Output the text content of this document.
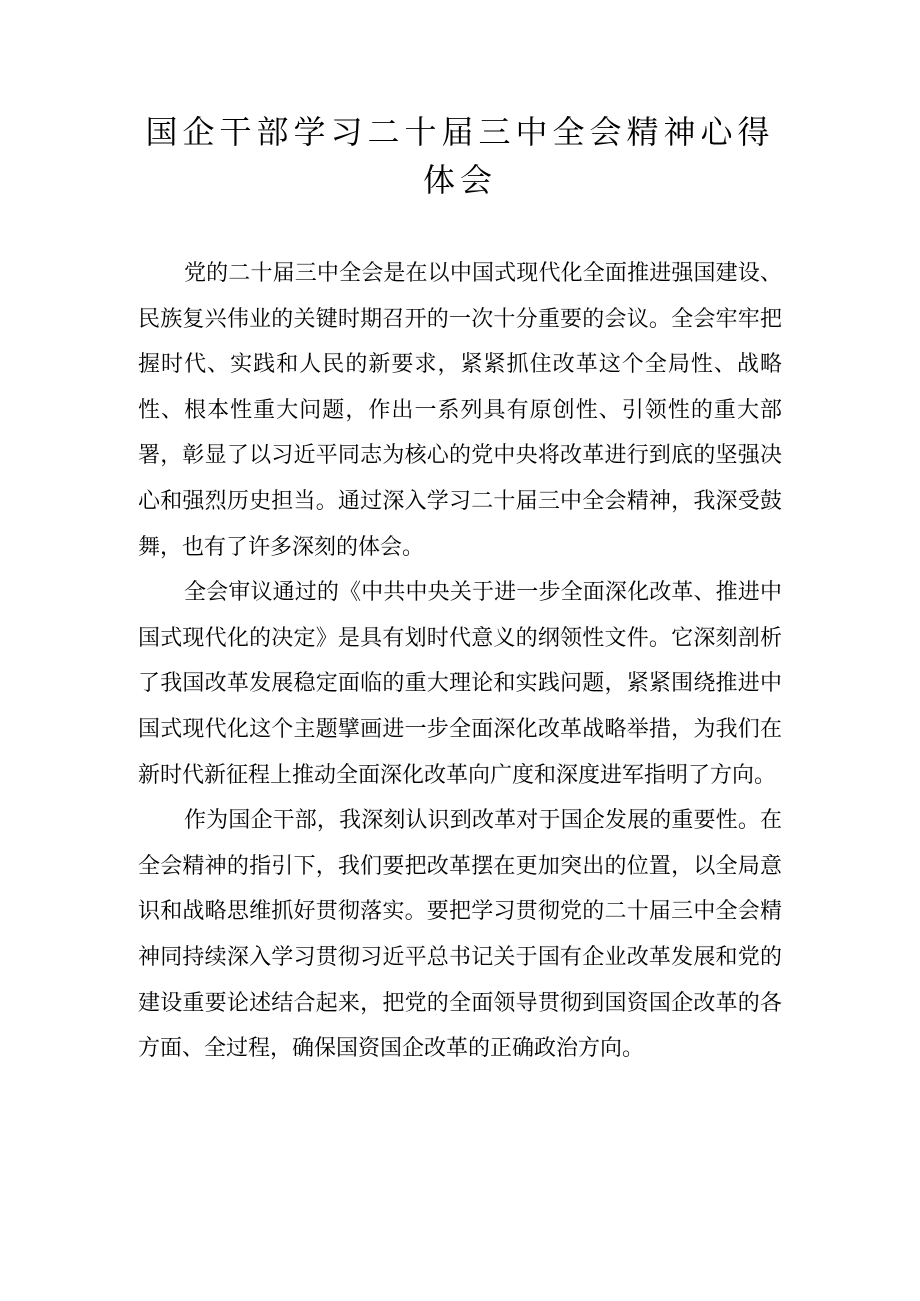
国企干部学习二十届三中全会精神心得体会

党的二十届三中全会是在以中国式现代化全面推进强国建设、民族复兴伟业的关键时期召开的一次十分重要的会议。全会牢牢把握时代、实践和人民的新要求，紧紧抓住改革这个全局性、战略性、根本性重大问题，作出一系列具有原创性、引领性的重大部署，彰显了以习近平同志为核心的党中央将改革进行到底的坚强决心和强烈历史担当。通过深入学习二十届三中全会精神，我深受鼓舞，也有了许多深刻的体会。

全会审议通过的《中共中央关于进一步全面深化改革、推进中国式现代化的决定》是具有划时代意义的纲领性文件。它深刻剖析了我国改革发展稳定面临的重大理论和实践问题，紧紧围绕推进中国式现代化这个主题擘画进一步全面深化改革战略举措，为我们在新时代新征程上推动全面深化改革向广度和深度进军指明了方向。

作为国企干部，我深刻认识到改革对于国企发展的重要性。在全会精神的指引下，我们要把改革摆在更加突出的位置，以全局意识和战略思维抓好贯彻落实。要把学习贯彻党的二十届三中全会精神同持续深入学习贯彻习近平总书记关于国有企业改革发展和党的建设重要论述结合起来，把党的全面领导贯彻到国资国企改革的各方面、全过程，确保国资国企改革的正确政治方向。
